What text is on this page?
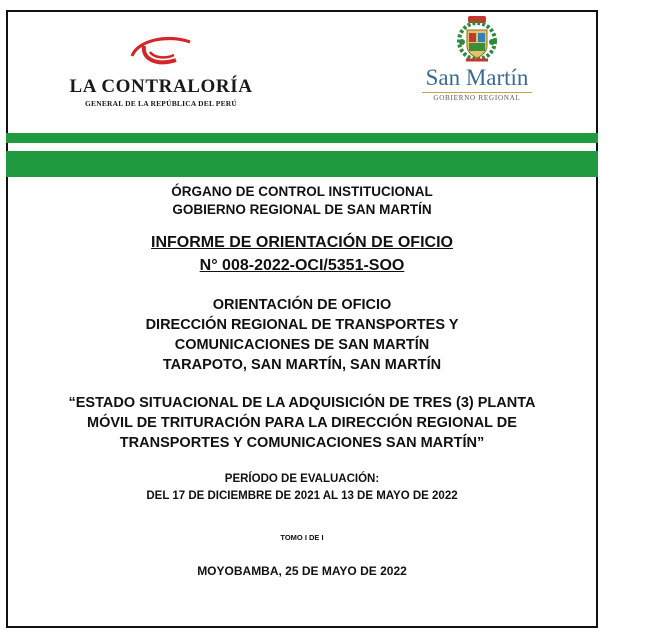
LA CONTRALORÍA
GENERAL DE LA REPÚBLICA DEL PERÚ
San Martín
GOBIERNO REGIONAL
ÓRGANO DE CONTROL INSTITUCIONAL
GOBIERNO REGIONAL DE SAN MARTÍN
INFORME DE ORIENTACIÓN DE OFICIO
N° 008-2022-OCI/5351-SOO
ORIENTACIÓN DE OFICIO
DIRECCIÓN REGIONAL DE TRANSPORTES Y
COMUNICACIONES DE SAN MARTÍN
TARAPOTO, SAN MARTÍN, SAN MARTÍN
“ESTADO SITUACIONAL DE LA ADQUISICIÓN DE TRES (3) PLANTA MÓVIL DE TRITURACIÓN PARA LA DIRECCIÓN REGIONAL DE TRANSPORTES Y COMUNICACIONES SAN MARTÍN”
PERÍODO DE EVALUACIÓN:
DEL 17 DE DICIEMBRE DE 2021 AL 13 DE MAYO DE 2022
TOMO I DE I
MOYOBAMBA, 25 DE MAYO DE 2022
